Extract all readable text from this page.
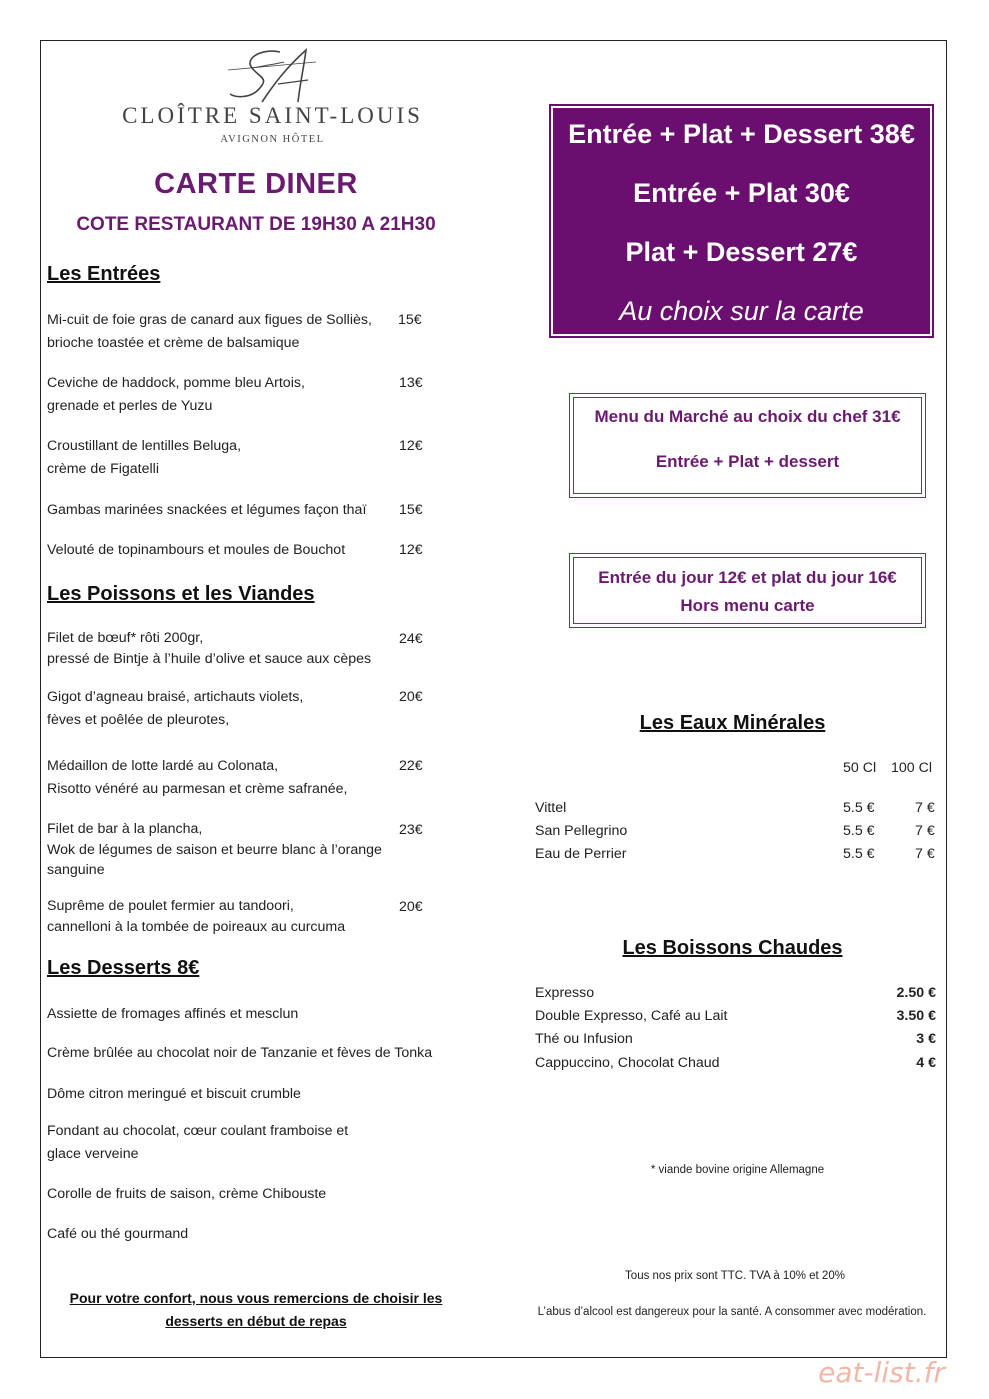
CLOÎTRE SAINT-LOUIS
AVIGNON HÔTEL
CARTE DINER
COTE RESTAURANT DE 19H30 A 21H30
Les Entrées
Mi-cuit de foie gras de canard aux figues de Solliès,
brioche toastée et crème de balsamique
15€
Ceviche de haddock, pomme bleu Artois,
grenade et perles de Yuzu
13€
Croustillant de lentilles Beluga,
crème de Figatelli
12€
Gambas marinées snackées et légumes façon thaï 15€
Velouté de topinambours et moules de Bouchot	12€
Les Poissons et les Viandes
Filet de bœuf* rôti 200gr,
pressé de Bintje à l’huile d’olive et sauce aux cèpes
24€
Gigot d’agneau braisé, artichauts violets,
fèves et poêlée de pleurotes,
20€
Médaillon de lotte lardé au Colonata,
Risotto vénéré au parmesan et crème safranée,
22€
Filet de bar à la plancha,
Wok de légumes de saison et beurre blanc à l’orange
sanguine
23€
Suprême de poulet fermier au tandoori,
cannelloni à la tombée de poireaux au curcuma
20€
Les Desserts 8€
Assiette de fromages affinés et mesclun
Crème brûlée au chocolat noir de Tanzanie et fèves de Tonka
Dôme citron meringué et biscuit crumble
Fondant au chocolat, cœur coulant framboise et
glace verveine
Corolle de fruits de saison, crème Chibouste
Café ou thé gourmand
Pour votre confort, nous vous remercions de choisir les
desserts en début de repas
Entrée + Plat + Dessert 38€
Entrée + Plat 30€
Plat + Dessert 27€
Au choix sur la carte
Menu du Marché au choix du chef 31€
Entrée + Plat + dessert
Entrée du jour 12€ et plat du jour 16€
Hors menu carte
Les Eaux Minérales
50 Cl 100 Cl
Vittel	5.5 €	7 €
San Pellegrino	5.5 €	7 €
Eau de Perrier	5.5 €	7 €
Les Boissons Chaudes
Expresso	2.50 €
Double Expresso, Café au Lait	3.50 €
Thé ou Infusion	3 €
Cappuccino, Chocolat Chaud	4 €
* viande bovine origine Allemagne
Tous nos prix sont TTC. TVA à 10% et 20%
L’abus d’alcool est dangereux pour la santé. A consommer avec modération.
eat-list.fr
